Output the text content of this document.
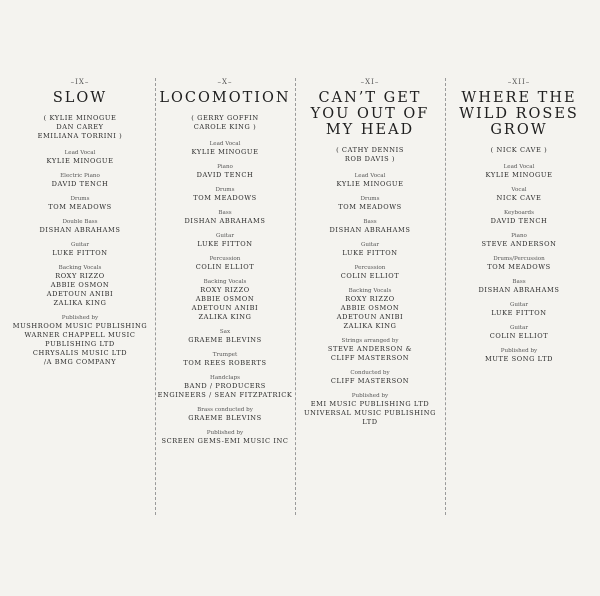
–IX–
SLOW
( KYLIE MINOGUE
DAN CAREY
EMILIANA TORRINI )
Lead Vocal
KYLIE MINOGUE
Electric Piano
DAVID TENCH
Drums
TOM MEADOWS
Double Bass
DISHAN ABRAHAMS
Guitar
LUKE FITTON
Backing Vocals
ROXY RIZZO
ABBIE OSMON
ADETOUN ANIBI
ZALIKA KING
Published by
MUSHROOM MUSIC PUBLISHING
WARNER CHAPPELL MUSIC
PUBLISHING LTD
CHRYSALIS MUSIC LTD
/A BMG COMPANY
–X–
LOCOMOTION
( GERRY GOFFIN
CAROLE KING )
Lead Vocal
KYLIE MINOGUE
Piano
DAVID TENCH
Drums
TOM MEADOWS
Bass
DISHAN ABRAHAMS
Guitar
LUKE FITTON
Percussion
COLIN ELLIOT
Backing Vocals
ROXY RIZZO
ABBIE OSMON
ADETOUN ANIBI
ZALIKA KING
Sax
GRAEME BLEVINS
Trumpet
TOM REES ROBERTS
Handclaps
BAND / PRODUCERS
ENGINEERS / SEAN FITZPATRICK
Brass conducted by
GRAEME BLEVINS
Published by
SCREEN GEMS-EMI MUSIC INC
–XI–
CAN’T GET
YOU OUT OF
MY HEAD
( CATHY DENNIS
ROB DAVIS )
Lead Vocal
KYLIE MINOGUE
Drums
TOM MEADOWS
Bass
DISHAN ABRAHAMS
Guitar
LUKE FITTON
Percussion
COLIN ELLIOT
Backing Vocals
ROXY RIZZO
ABBIE OSMON
ADETOUN ANIBI
ZALIKA KING
Strings arranged by
STEVE ANDERSON &
CLIFF MASTERSON
Conducted by
CLIFF MASTERSON
Published by
EMI MUSIC PUBLISHING LTD
UNIVERSAL MUSIC PUBLISHING LTD
–XII–
WHERE THE
WILD ROSES
GROW
( NICK CAVE )
Lead Vocal
KYLIE MINOGUE
Vocal
NICK CAVE
Keyboards
DAVID TENCH
Piano
STEVE ANDERSON
Drums/Percussion
TOM MEADOWS
Bass
DISHAN ABRAHAMS
Guitar
LUKE FITTON
Guitar
COLIN ELLIOT
Published by
MUTE SONG LTD
